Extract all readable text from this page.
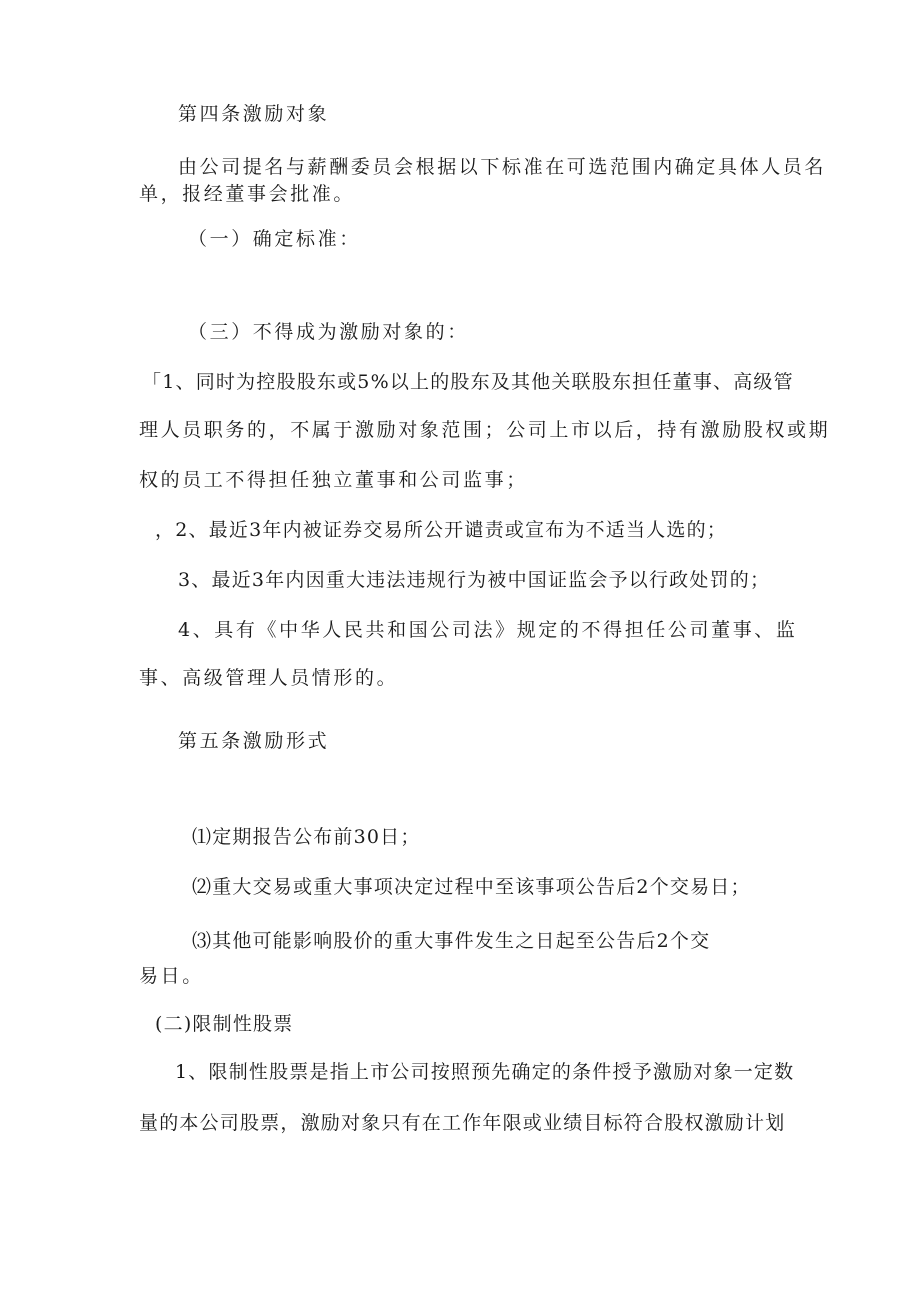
第四条激励对象
由公司提名与薪酬委员会根据以下标准在可选范围内确定具体人员名
单，报经董事会批准。
（一）确定标准：
（三）不得成为激励对象的：
「1、同时为控股股东或5%以上的股东及其他关联股东担任董事、高级管
理人员职务的，不属于激励对象范围；公司上市以后，持有激励股权或期
权的员工不得担任独立董事和公司监事；
，2、最近3年内被证券交易所公开谴责或宣布为不适当人选的；
3、最近3年内因重大违法违规行为被中国证监会予以行政处罚的；
4、具有《中华人民共和国公司法》规定的不得担任公司董事、监
事、高级管理人员情形的。
第五条激励形式
⑴定期报告公布前30日；
⑵重大交易或重大事项决定过程中至该事项公告后2个交易日；
⑶其他可能影响股价的重大事件发生之日起至公告后2个交
易日。
(二)限制性股票
1、限制性股票是指上市公司按照预先确定的条件授予激励对象一定数
量的本公司股票，激励对象只有在工作年限或业绩目标符合股权激励计划
